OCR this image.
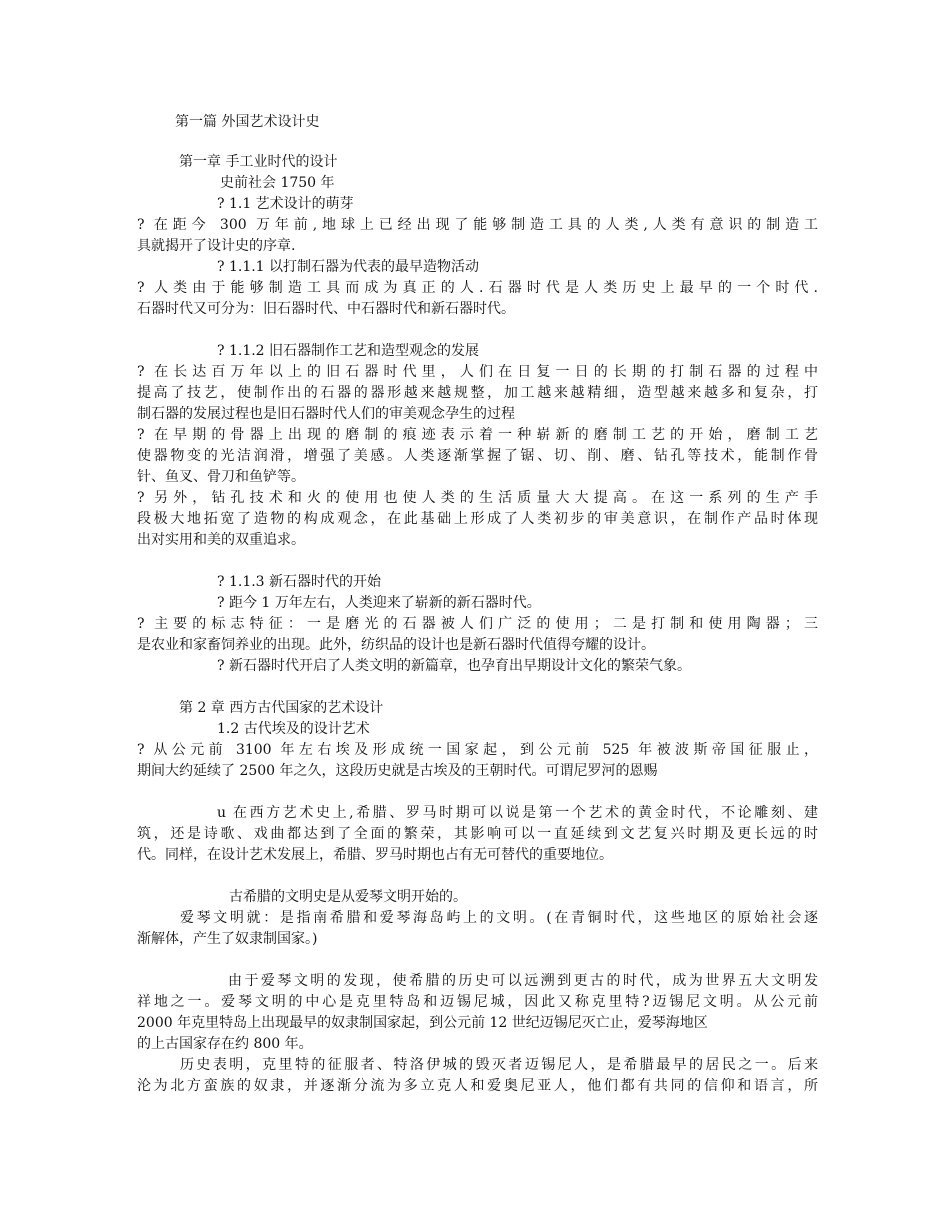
第一篇 外国艺术设计史

第一章 手工业时代的设计

史前社会 1750 年

? 1.1 艺术设计的萌芽

? 在距今 300 万年前,地球上已经出现了能够制造工具的人类,人类有意识的制造工

具就揭开了设计史的序章.

? 1.1.1 以打制石器为代表的最早造物活动

? 人类由于能够制造工具而成为真正的人.石器时代是人类历史上最早的一个时代.

石器时代又可分为：旧石器时代、中石器时代和新石器时代。

? 1.1.2 旧石器制作工艺和造型观念的发展

? 在长达百万年以上的旧石器时代里，人们在日复一日的长期的打制石器的过程中

提高了技艺，使制作出的石器的器形越来越规整，加工越来越精细，造型越来越多和复杂，打

制石器的发展过程也是旧石器时代人们的审美观念孕生的过程

? 在早期的骨器上出现的磨制的痕迹表示着一种崭新的磨制工艺的开始，磨制工艺

使器物变的光洁润滑，增强了美感。人类逐渐掌握了锯、切、削、磨、钻孔等技术，能制作骨

针、鱼叉、骨刀和鱼铲等。

? 另外，钻孔技术和火的使用也使人类的生活质量大大提高。在这一系列的生产手

段极大地拓宽了造物的构成观念，在此基础上形成了人类初步的审美意识，在制作产品时体现

出对实用和美的双重追求。

? 1.1.3 新石器时代的开始

? 距今 1 万年左右，人类迎来了崭新的新石器时代。

? 主要的标志特征：一是磨光的石器被人们广泛的使用；二是打制和使用陶器；三

是农业和家畜饲养业的出现。此外，纺织品的设计也是新石器时代值得夸耀的设计。

? 新石器时代开启了人类文明的新篇章，也孕育出早期设计文化的繁荣气象。

第 2 章 西方古代国家的艺术设计

1.2 古代埃及的设计艺术

? 从公元前 3100 年左右埃及形成统一国家起，到公元前 525 年被波斯帝国征服止，

期间大约延续了 2500 年之久，这段历史就是古埃及的王朝时代。可谓尼罗河的恩赐

u 在西方艺术史上,希腊、罗马时期可以说是第一个艺术的黄金时代，不论雕刻、建

筑，还是诗歌、戏曲都达到了全面的繁荣，其影响可以一直延续到文艺复兴时期及更长远的时

代。同样，在设计艺术发展上，希腊、罗马时期也占有无可替代的重要地位。

古希腊的文明史是从爱琴文明开始的。

爱琴文明就：是指南希腊和爱琴海岛屿上的文明。(在青铜时代，这些地区的原始社会逐

渐解体，产生了奴隶制国家。)

由于爱琴文明的发现，使希腊的历史可以远溯到更古的时代，成为世界五大文明发

祥地之一。爱琴文明的中心是克里特岛和迈锡尼城，因此又称克里特?迈锡尼文明。从公元前

2000 年克里特岛上出现最早的奴隶制国家起，到公元前 12 世纪迈锡尼灭亡止，爱琴海地区

的上古国家存在约 800 年。

历史表明，克里特的征服者、特洛伊城的毁灭者迈锡尼人，是希腊最早的居民之一。后来

沦为北方蛮族的奴隶，并逐渐分流为多立克人和爱奥尼亚人，他们都有共同的信仰和语言，所
